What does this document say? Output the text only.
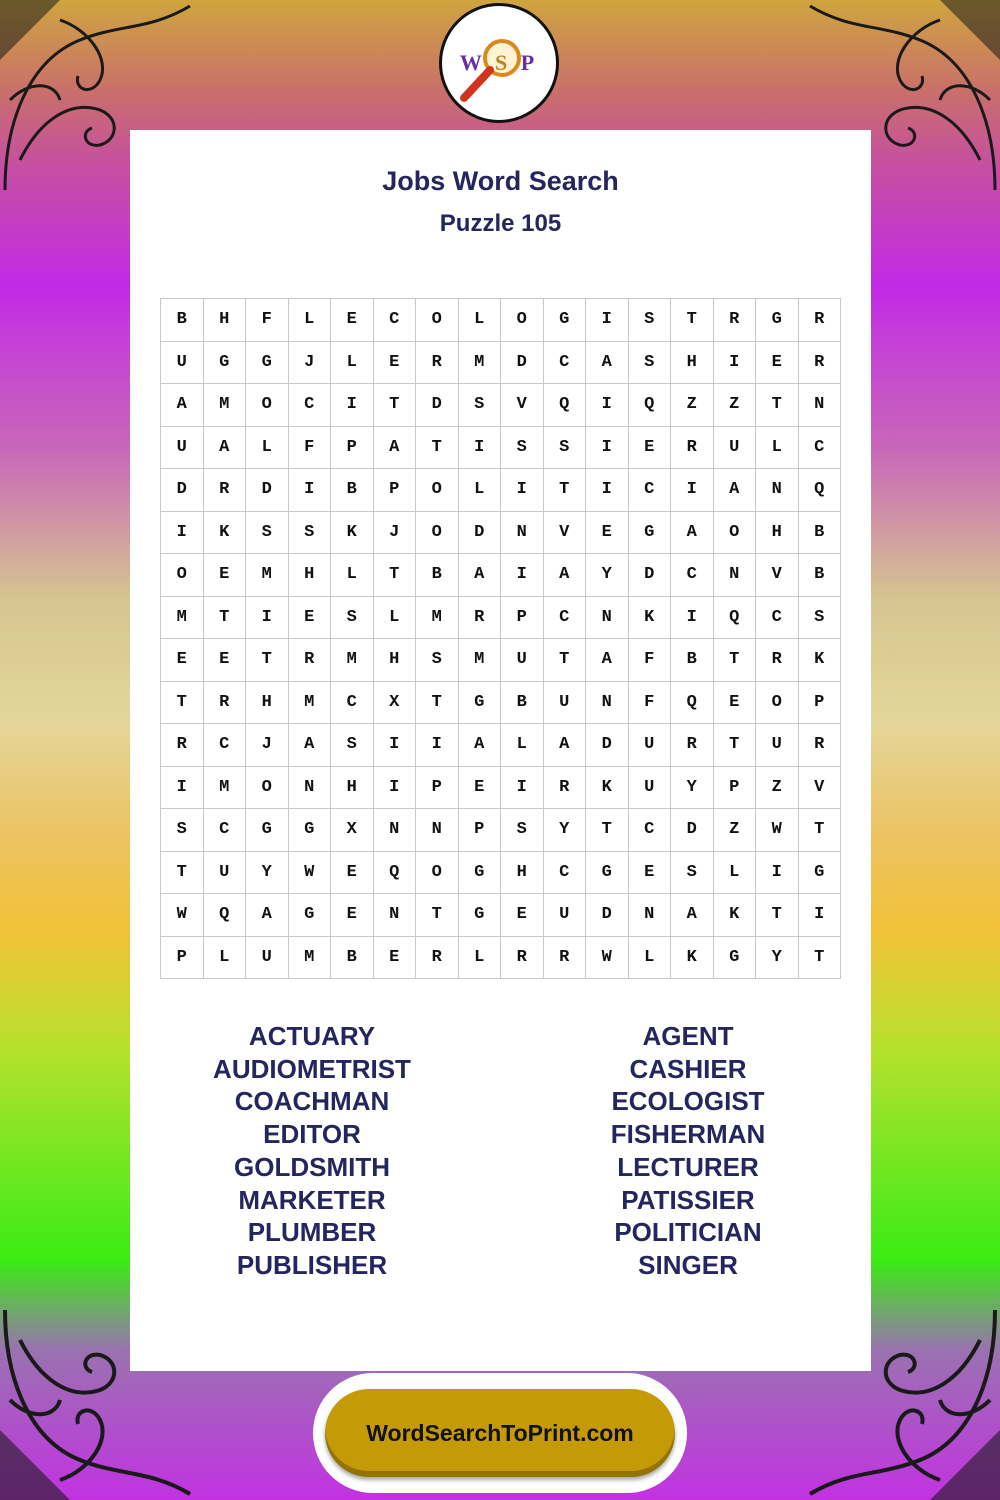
W S P
Jobs Word Search
Puzzle 105
B	H	F	L	E	C	O	L	O	G	I	S	T	R	G	R
U	G	G	J	L	E	R	M	D	C	A	S	H	I	E	R
A	M	O	C	I	T	D	S	V	Q	I	Q	Z	Z	T	N
U	A	L	F	P	A	T	I	S	S	I	E	R	U	L	C
D	R	D	I	B	P	O	L	I	T	I	C	I	A	N	Q
I	K	S	S	K	J	O	D	N	V	E	G	A	O	H	B
O	E	M	H	L	T	B	A	I	A	Y	D	C	N	V	B
M	T	I	E	S	L	M	R	P	C	N	K	I	Q	C	S
E	E	T	R	M	H	S	M	U	T	A	F	B	T	R	K
T	R	H	M	C	X	T	G	B	U	N	F	Q	E	O	P
R	C	J	A	S	I	I	A	L	A	D	U	R	T	U	R
I	M	O	N	H	I	P	E	I	R	K	U	Y	P	Z	V
S	C	G	G	X	N	N	P	S	Y	T	C	D	Z	W	T
T	U	Y	W	E	Q	O	G	H	C	G	E	S	L	I	G
W	Q	A	G	E	N	T	G	E	U	D	N	A	K	T	I
P	L	U	M	B	E	R	L	R	R	W	L	K	G	Y	T
ACTUARY
AUDIOMETRIST
COACHMAN
EDITOR
GOLDSMITH
MARKETER
PLUMBER
PUBLISHER
AGENT
CASHIER
ECOLOGIST
FISHERMAN
LECTURER
PATISSIER
POLITICIAN
SINGER
WordSearchToPrint.com
